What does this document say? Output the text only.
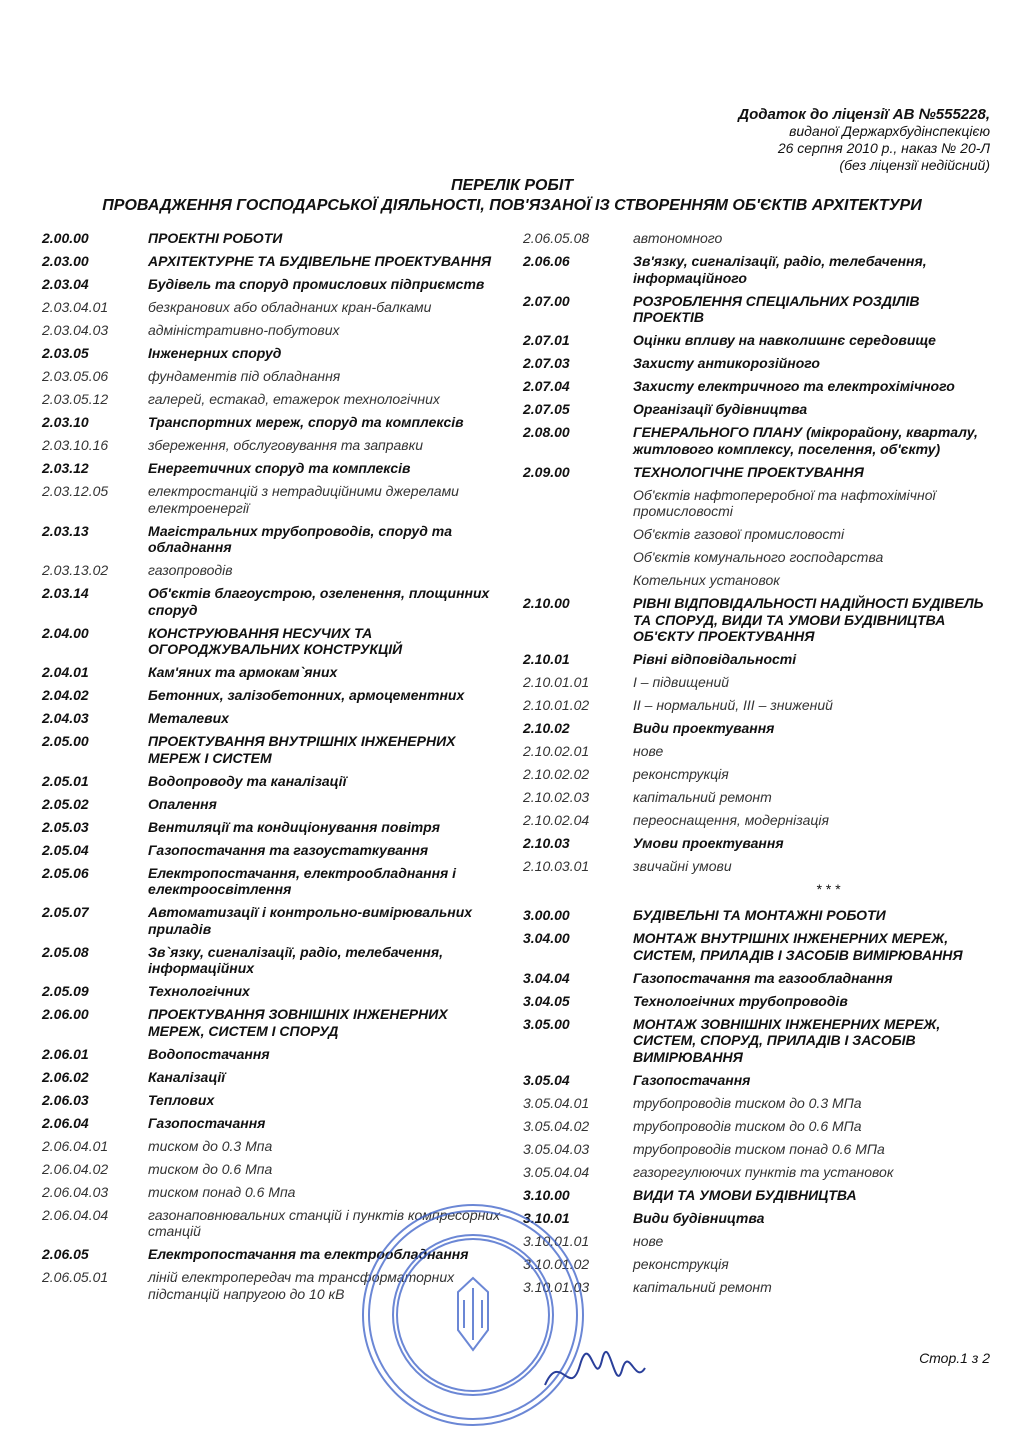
Додаток до ліцензії АВ №555228,
виданої Держархбудінспекцією
26 серпня 2010 р., наказ № 20-Л
(без ліцензії недійсний)
ПЕРЕЛІК РОБІТ
ПРОВАДЖЕННЯ ГОСПОДАРСЬКОЇ ДІЯЛЬНОСТІ, ПОВ'ЯЗАНОЇ ІЗ СТВОРЕННЯМ ОБ'ЄКТІВ АРХІТЕКТУРИ
2.00.00	ПРОЕКТНІ РОБОТИ
2.03.00	АРХІТЕКТУРНЕ ТА БУДІВЕЛЬНЕ ПРОЕКТУВАННЯ
2.03.04	Будівель та споруд промислових підприємств
2.03.04.01	безкранових або обладнаних кран-балками
2.03.04.03	адміністративно-побутових
2.03.05	Інженерних споруд
2.03.05.06	фундаментів під обладнання
2.03.05.12	галерей, естакад, етажерок технологічних
2.03.10	Транспортних мереж, споруд та комплексів
2.03.10.16	збереження, обслуговування та заправки
2.03.12	Енергетичних споруд та комплексів
2.03.12.05	електростанцій з нетрадиційними джерелами електроенергії
2.03.13	Магістральних трубопроводів, споруд та обладнання
2.03.13.02	газопроводів
2.03.14	Об'єктів благоустрою, озеленення, площинних споруд
2.04.00	КОНСТРУЮВАННЯ НЕСУЧИХ ТА ОГОРОДЖУВАЛЬНИХ КОНСТРУКЦІЙ
2.04.01	Кам'яних та армокам`яних
2.04.02	Бетонних, залізобетонних, армоцементних
2.04.03	Металевих
2.05.00	ПРОЕКТУВАННЯ ВНУТРІШНІХ ІНЖЕНЕРНИХ МЕРЕЖ І СИСТЕМ
2.05.01	Водопроводу та каналізації
2.05.02	Опалення
2.05.03	Вентиляції та кондиціонування повітря
2.05.04	Газопостачання та газоустаткування
2.05.06	Електропостачання, електрообладнання і електроосвітлення
2.05.07	Автоматизації і контрольно-вимірювальних приладів
2.05.08	Зв`язку, сигналізації, радіо, телебачення, інформаційних
2.05.09	Технологічних
2.06.00	ПРОЕКТУВАННЯ ЗОВНІШНІХ ІНЖЕНЕРНИХ МЕРЕЖ, СИСТЕМ І СПОРУД
2.06.01	Водопостачання
2.06.02	Каналізації
2.06.03	Теплових
2.06.04	Газопостачання
2.06.04.01	тиском до 0.3 Мпа
2.06.04.02	тиском до 0.6 Мпа
2.06.04.03	тиском понад 0.6 Мпа
2.06.04.04	газонаповнювальних станцій і пунктів компресорних станцій
2.06.05	Електропостачання та електрообладнання
2.06.05.01	ліній електропередач та трансформаторних підстанцій напругою до 10 кВ
2.06.05.08	автономного
2.06.06	Зв'язку, сигналізації, радіо, телебачення, інформаційного
2.07.00	РОЗРОБЛЕННЯ СПЕЦІАЛЬНИХ РОЗДІЛІВ ПРОЕКТІВ
2.07.01	Оцінки впливу на навколишнє середовище
2.07.03	Захисту антикорозійного
2.07.04	Захисту електричного та електрохімічного
2.07.05	Організації будівництва
2.08.00	ГЕНЕРАЛЬНОГО ПЛАНУ (мікрорайону, кварталу, житлового комплексу, поселення, об'єкту)
2.09.00	ТЕХНОЛОГІЧНЕ ПРОЕКТУВАННЯ
Об'єктів нафтопереробної та нафтохімічної промисловості
Об'єктів газової промисловості
Об'єктів комунального господарства
Котельних установок
2.10.00	РІВНІ ВІДПОВІДАЛЬНОСТІ НАДІЙНОСТІ БУДІВЕЛЬ ТА СПОРУД, ВИДИ ТА УМОВИ БУДІВНИЦТВА ОБ'ЄКТУ ПРОЕКТУВАННЯ
2.10.01	Рівні відповідальності
2.10.01.01	І – підвищений
2.10.01.02	ІІ – нормальний, ІІІ – знижений
2.10.02	Види проектування
2.10.02.01	нове
2.10.02.02	реконструкція
2.10.02.03	капітальний ремонт
2.10.02.04	переоснащення, модернізація
2.10.03	Умови проектування
2.10.03.01	звичайні умови
* * *
3.00.00	БУДІВЕЛЬНІ ТА МОНТАЖНІ РОБОТИ
3.04.00	МОНТАЖ ВНУТРІШНІХ ІНЖЕНЕРНИХ МЕРЕЖ, СИСТЕМ, ПРИЛАДІВ І ЗАСОБІВ ВИМІРЮВАННЯ
3.04.04	Газопостачання та газообладнання
3.04.05	Технологічних трубопроводів
3.05.00	МОНТАЖ ЗОВНІШНІХ ІНЖЕНЕРНИХ МЕРЕЖ, СИСТЕМ, СПОРУД, ПРИЛАДІВ І ЗАСОБІВ ВИМІРЮВАННЯ
3.05.04	Газопостачання
3.05.04.01	трубопроводів тиском до 0.3 МПа
3.05.04.02	трубопроводів тиском до 0.6 МПа
3.05.04.03	трубопроводів тиском понад 0.6 МПа
3.05.04.04	газорегулюючих пунктів та установок
3.10.00	ВИДИ ТА УМОВИ БУДІВНИЦТВА
3.10.01	Види будівництва
3.10.01.01	нове
3.10.01.02	реконструкція
3.10.01.03	капітальний ремонт
Стор.1 з 2
